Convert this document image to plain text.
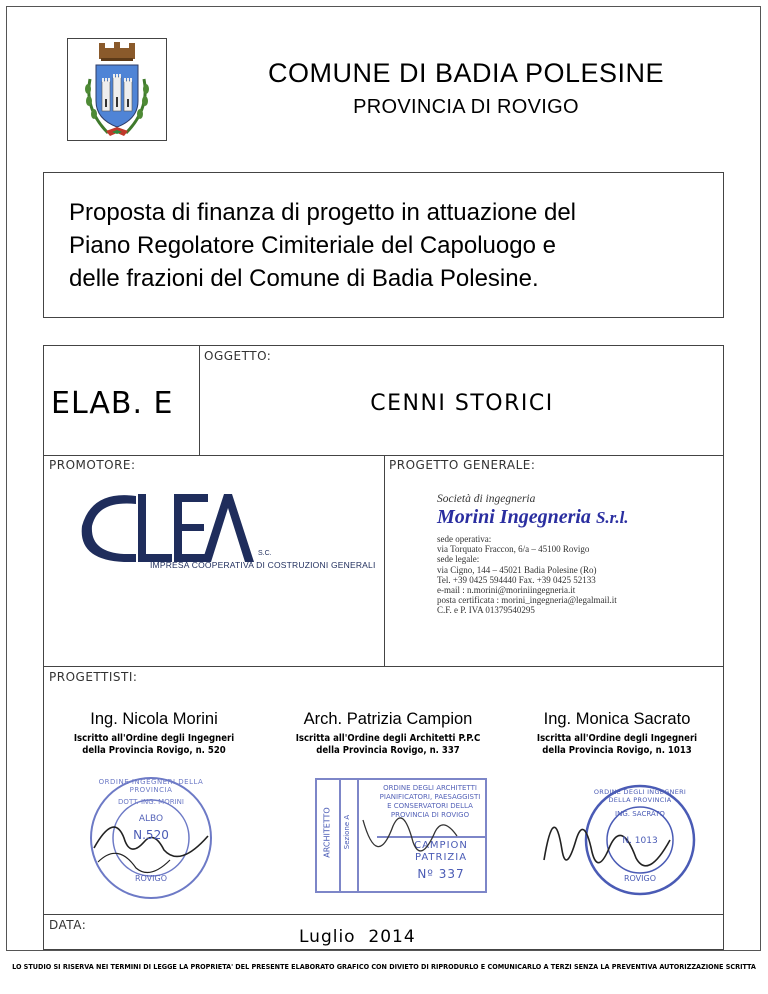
COMUNE DI BADIA POLESINE
PROVINCIA DI ROVIGO
Proposta di finanza di progetto in attuazione del
Piano Regolatore Cimiteriale del Capoluogo e
delle frazioni del Comune di Badia Polesine.
OGGETTO:
ELAB. E	CENNI STORICI
PROMOTORE:
S.C.
IMPRESA COOPERATIVA DI COSTRUZIONI GENERALI
PROGETTO GENERALE:
Società di ingegneria
Morini Ingegneria S.r.l.
sede operativa:
via Torquato Fraccon, 6/a – 45100 Rovigo
sede legale:
via Cigno, 144 – 45021 Badia Polesine (Ro)
Tel. +39 0425 594440 Fax. +39 0425 52133
e-mail : n.morini@moriniingegneria.it
posta certificata : morini_ingegneria@legalmail.it
C.F. e P. IVA 01379540295
PROGETTISTI:
Ing. Nicola Morini
Iscritto all'Ordine degli Ingegneri
della Provincia Rovigo, n. 520
Arch. Patrizia Campion
Iscritta all'Ordine degli Architetti P.P.C
della Provincia Rovigo, n. 337
Ing. Monica Sacrato
Iscritta all'Ordine degli Ingegneri
della Provincia Rovigo, n. 1013
ORDINE INGEGNERI DELLA PROVINCIA
DOTT. ING. MORINI
ALBO
N.520
ROVIGO
ARCHITETTO Sezione A
ORDINE DEGLI ARCHITETTI
PIANIFICATORI, PAESAGGISTI
E CONSERVATORI DELLA
PROVINCIA DI ROVIGO
CAMPION
PATRIZIA
Nº 337
ORDINE DEGLI INGEGNERI DELLA PROVINCIA
ING. SACRATO
N. 1013
ROVIGO
DATA:
Luglio  2014
LO STUDIO SI RISERVA NEI TERMINI DI LEGGE LA PROPRIETA' DEL PRESENTE ELABORATO GRAFICO CON DIVIETO DI RIPRODURLO E COMUNICARLO A TERZI SENZA LA PREVENTIVA AUTORIZZAZIONE SCRITTA
